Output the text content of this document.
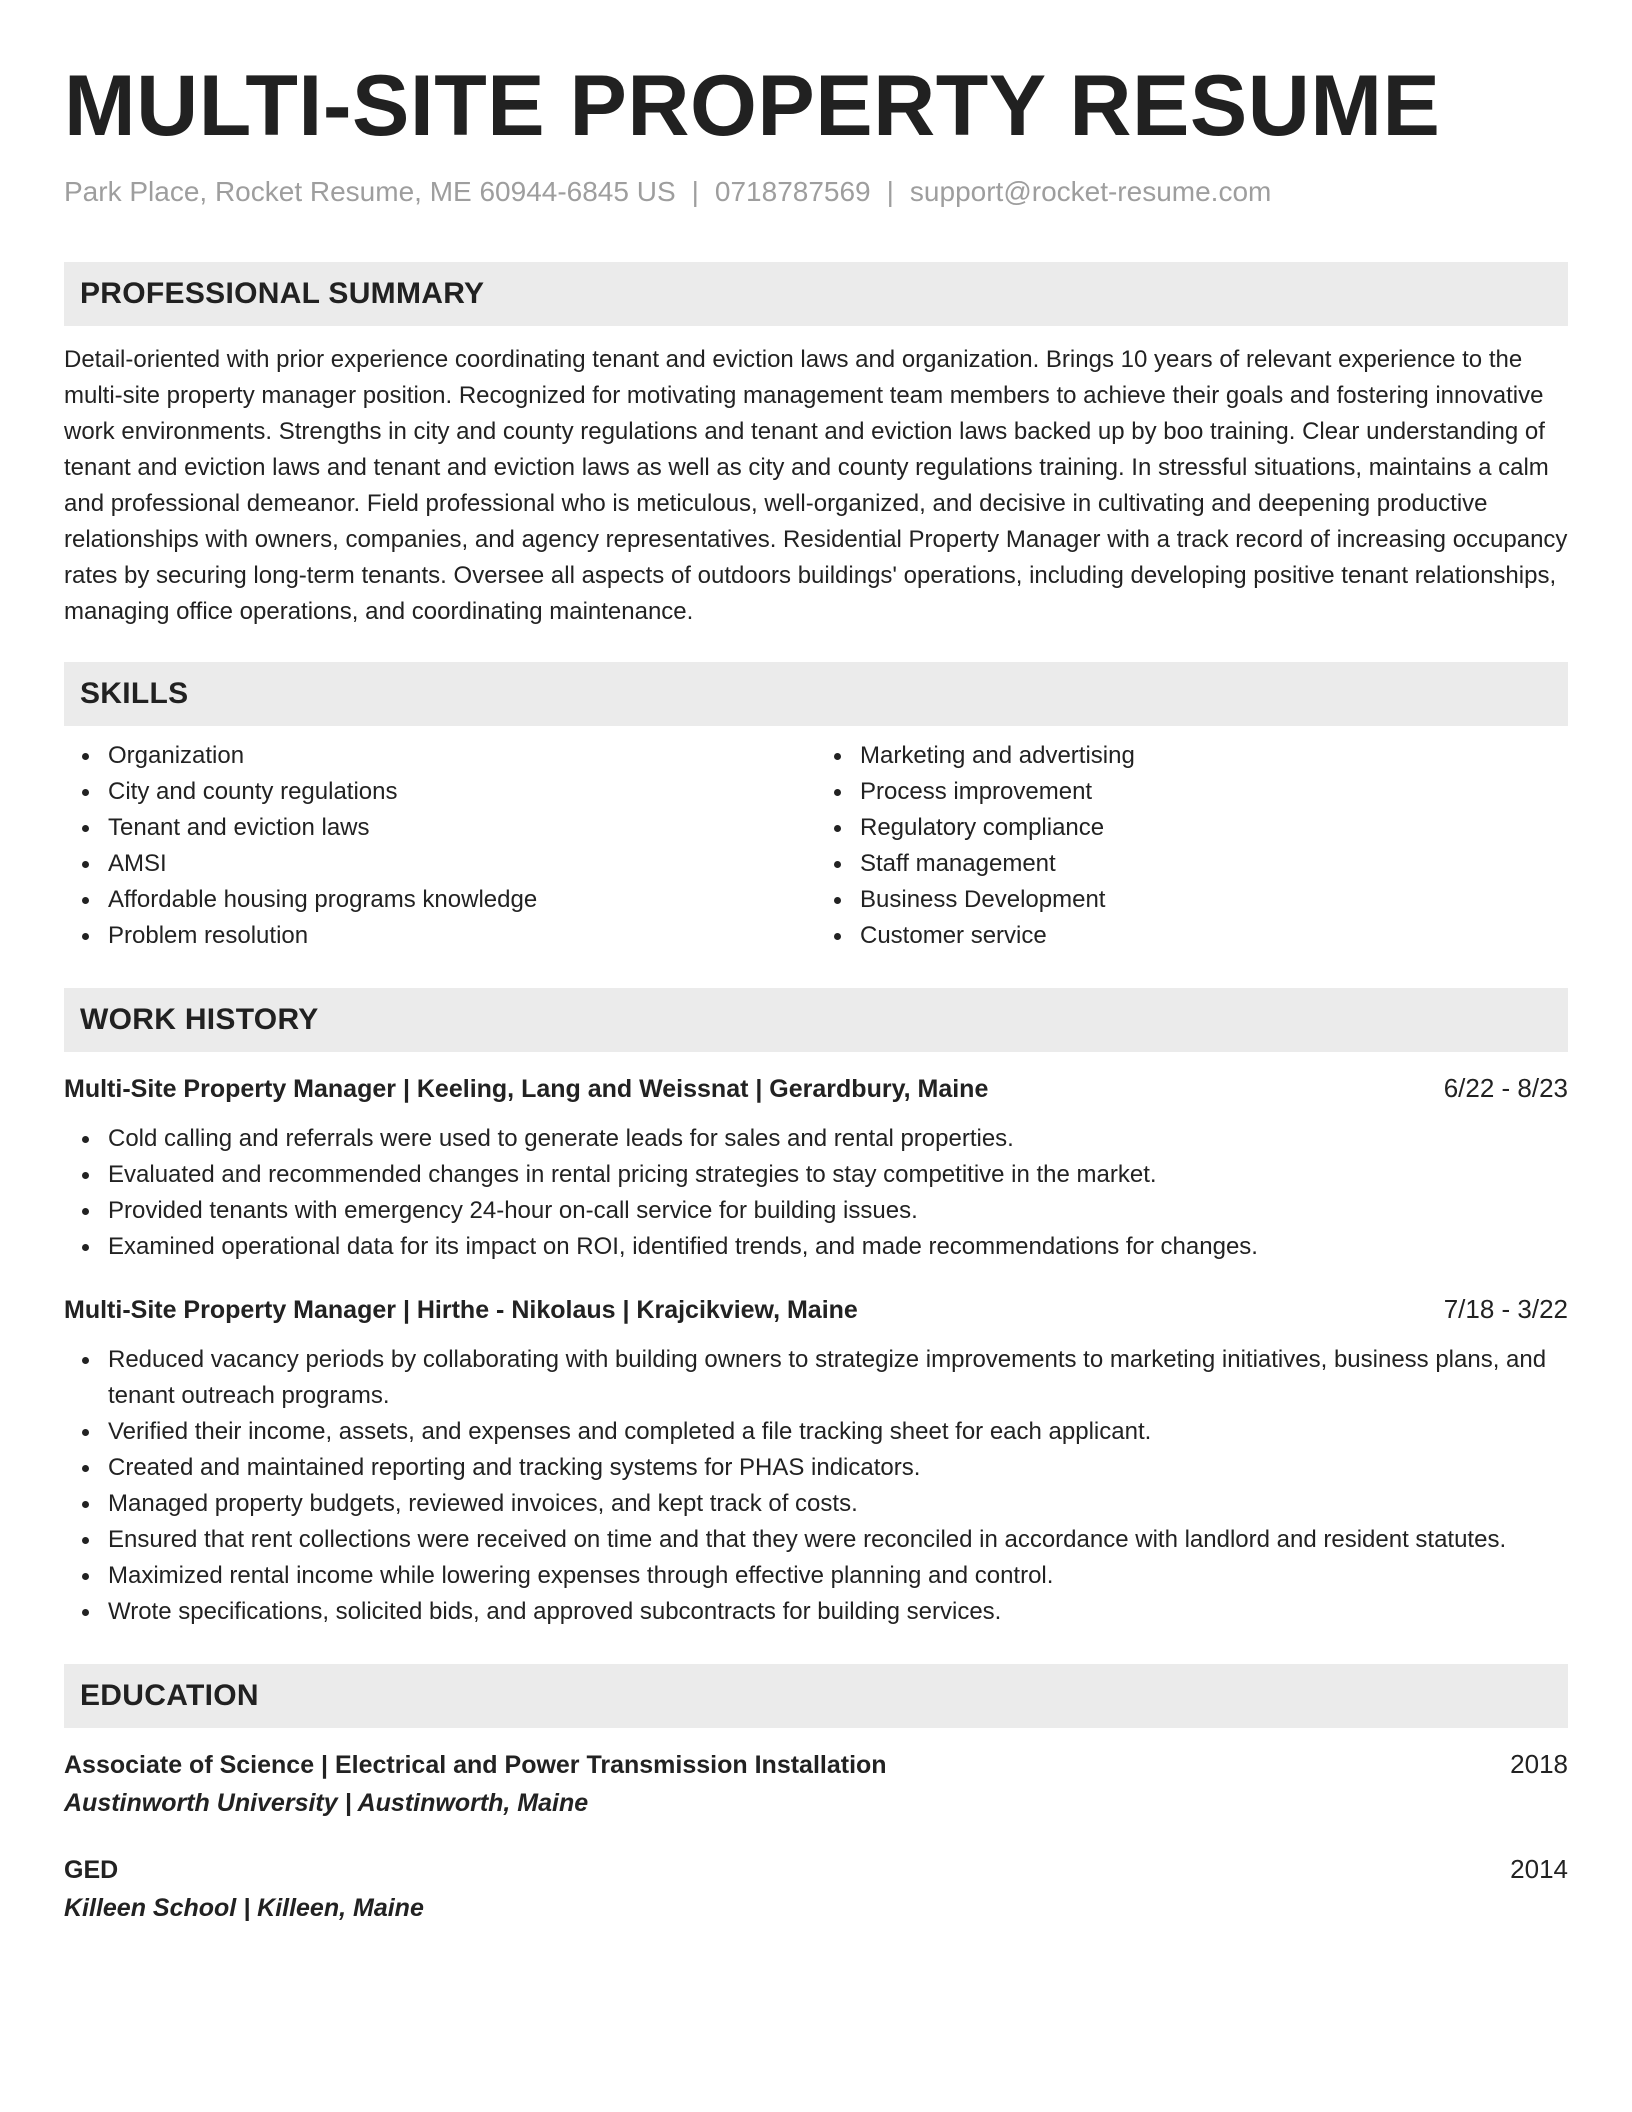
MULTI-SITE PROPERTY RESUME
Park Place, Rocket Resume, ME 60944-6845 US | 0718787569 | support@rocket-resume.com
PROFESSIONAL SUMMARY

Detail-oriented with prior experience coordinating tenant and eviction laws and organization. Brings 10 years of relevant experience to the multi-site property manager position. Recognized for motivating management team members to achieve their goals and fostering innovative work environments. Strengths in city and county regulations and tenant and eviction laws backed up by boo training. Clear understanding of tenant and eviction laws and tenant and eviction laws as well as city and county regulations training. In stressful situations, maintains a calm and professional demeanor. Field professional who is meticulous, well-organized, and decisive in cultivating and deepening productive relationships with owners, companies, and agency representatives. Residential Property Manager with a track record of increasing occupancy rates by securing long-term tenants. Oversee all aspects of outdoors buildings' operations, including developing positive tenant relationships, managing office operations, and coordinating maintenance.

SKILLS
Organization
City and county regulations
Tenant and eviction laws
AMSI
Affordable housing programs knowledge
Problem resolution
Marketing and advertising
Process improvement
Regulatory compliance
Staff management
Business Development
Customer service
WORK HISTORY
Multi-Site Property Manager | Keeling, Lang and Weissnat | Gerardbury, Maine	6/22 - 8/23
Cold calling and referrals were used to generate leads for sales and rental properties.
Evaluated and recommended changes in rental pricing strategies to stay competitive in the market.
Provided tenants with emergency 24-hour on-call service for building issues.
Examined operational data for its impact on ROI, identified trends, and made recommendations for changes.
Multi-Site Property Manager | Hirthe - Nikolaus | Krajcikview, Maine	7/18 - 3/22
Reduced vacancy periods by collaborating with building owners to strategize improvements to marketing initiatives, business plans, and tenant outreach programs.
Verified their income, assets, and expenses and completed a file tracking sheet for each applicant.
Created and maintained reporting and tracking systems for PHAS indicators.
Managed property budgets, reviewed invoices, and kept track of costs.
Ensured that rent collections were received on time and that they were reconciled in accordance with landlord and resident statutes.
Maximized rental income while lowering expenses through effective planning and control.
Wrote specifications, solicited bids, and approved subcontracts for building services.
EDUCATION
Associate of Science | Electrical and Power Transmission Installation	2018
Austinworth University | Austinworth, Maine
GED	2014
Killeen School | Killeen, Maine
